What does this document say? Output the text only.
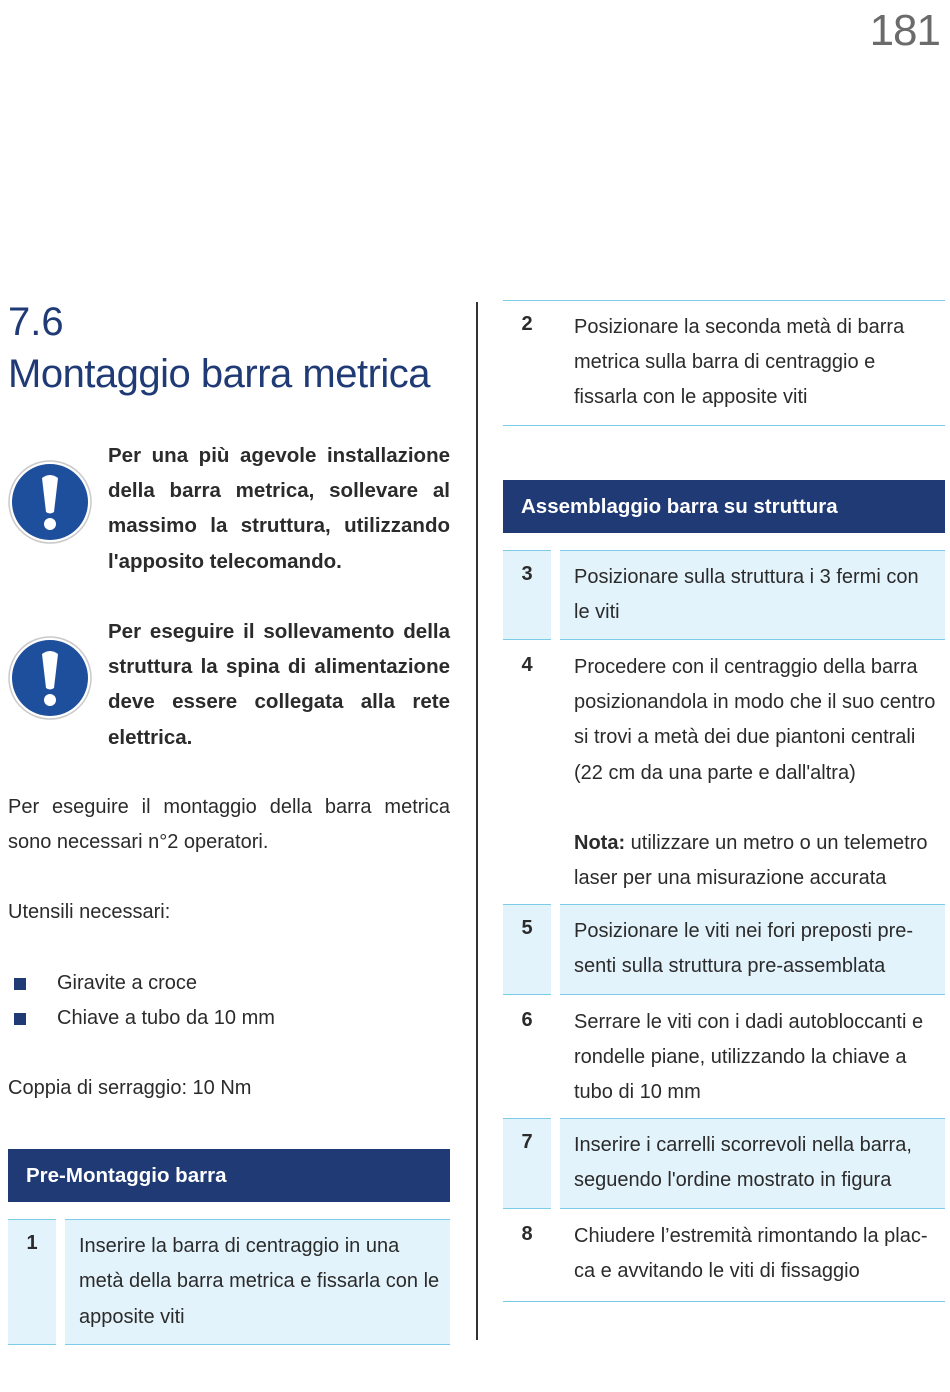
181
7.6
Montaggio barra metrica
Per una più agevole installazione della barra metrica, sollevare al massimo la struttura, utilizzando l'apposito telecomando.
Per eseguire il sollevamento della struttura la spina di alimentazione deve essere collegata alla rete elettrica.

Per eseguire il montaggio della barra metrica sono necessari n°2 operatori.

Utensili necessari:

Giravite a croce
Chiave a tubo da 10 mm

Coppia di serraggio: 10 Nm

Pre-Montaggio barra
1	Inserire la barra di centraggio in una metà della barra metrica e fissarla con le apposite viti
2	Posizionare la seconda metà di barra metrica sulla barra di centraggio e fissarla con le apposite viti
Assemblaggio barra su struttura
3	Posizionare sulla struttura i 3 fermi con le viti
4	Procedere con il centraggio della barra posizionandola in modo che il suo centro si trovi a metà dei due piantoni centrali (22 cm da una parte e dall'altra)
Nota: utilizzare un metro o un telemetro laser per una misurazione accurata
5	Posizionare le viti nei fori preposti pre-senti sulla struttura pre-assemblata
6	Serrare le viti con i dadi autobloccanti e rondelle piane, utilizzando la chiave a tubo di 10 mm
7	Inserire i carrelli scorrevoli nella barra, seguendo l'ordine mostrato in figura
8	Chiudere l’estremità rimontando la plac-ca e avvitando le viti di fissaggio
